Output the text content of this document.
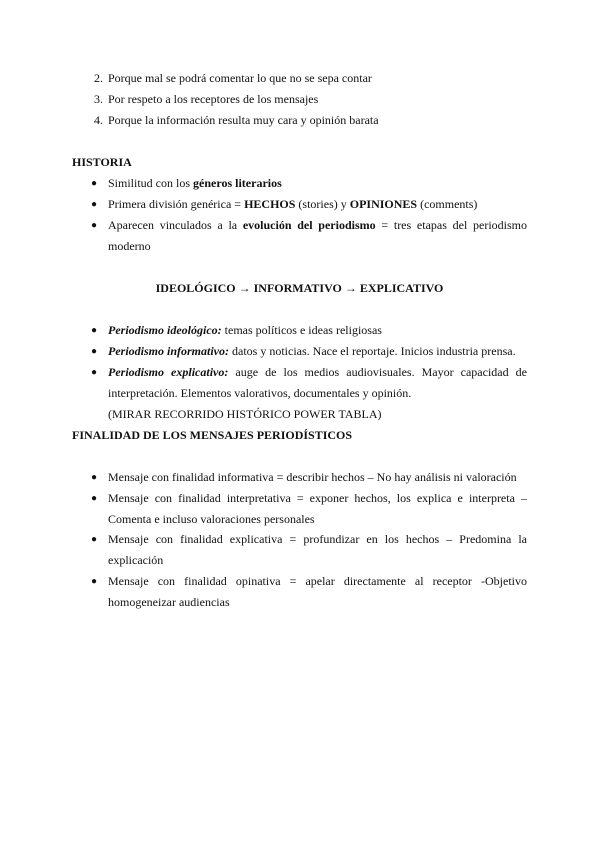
2. Porque mal se podrá comentar lo que no se sepa contar
3. Por respeto a los receptores de los mensajes
4. Porque la información resulta muy cara y opinión barata
HISTORIA
● Similitud con los géneros literarios
● Primera división genérica = HECHOS (stories) y OPINIONES (comments)
● Aparecen vinculados a la evolución del periodismo = tres etapas del periodismo
moderno
IDEOLÓGICO → INFORMATIVO → EXPLICATIVO
● Periodismo ideológico: temas políticos e ideas religiosas
● Periodismo informativo: datos y noticias. Nace el reportaje. Inicios industria prensa.
● Periodismo explicativo: auge de los medios audiovisuales. Mayor capacidad de
interpretación. Elementos valorativos, documentales y opinión.
(MIRAR RECORRIDO HISTÓRICO POWER TABLA)
FINALIDAD DE LOS MENSAJES PERIODÍSTICOS
● Mensaje con finalidad informativa = describir hechos – No hay análisis ni valoración
● Mensaje con finalidad interpretativa = exponer hechos, los explica e interpreta –
Comenta e incluso valoraciones personales
● Mensaje con finalidad explicativa = profundizar en los hechos – Predomina la
explicación
● Mensaje con finalidad opinativa = apelar directamente al receptor -Objetivo
homogeneizar audiencias
